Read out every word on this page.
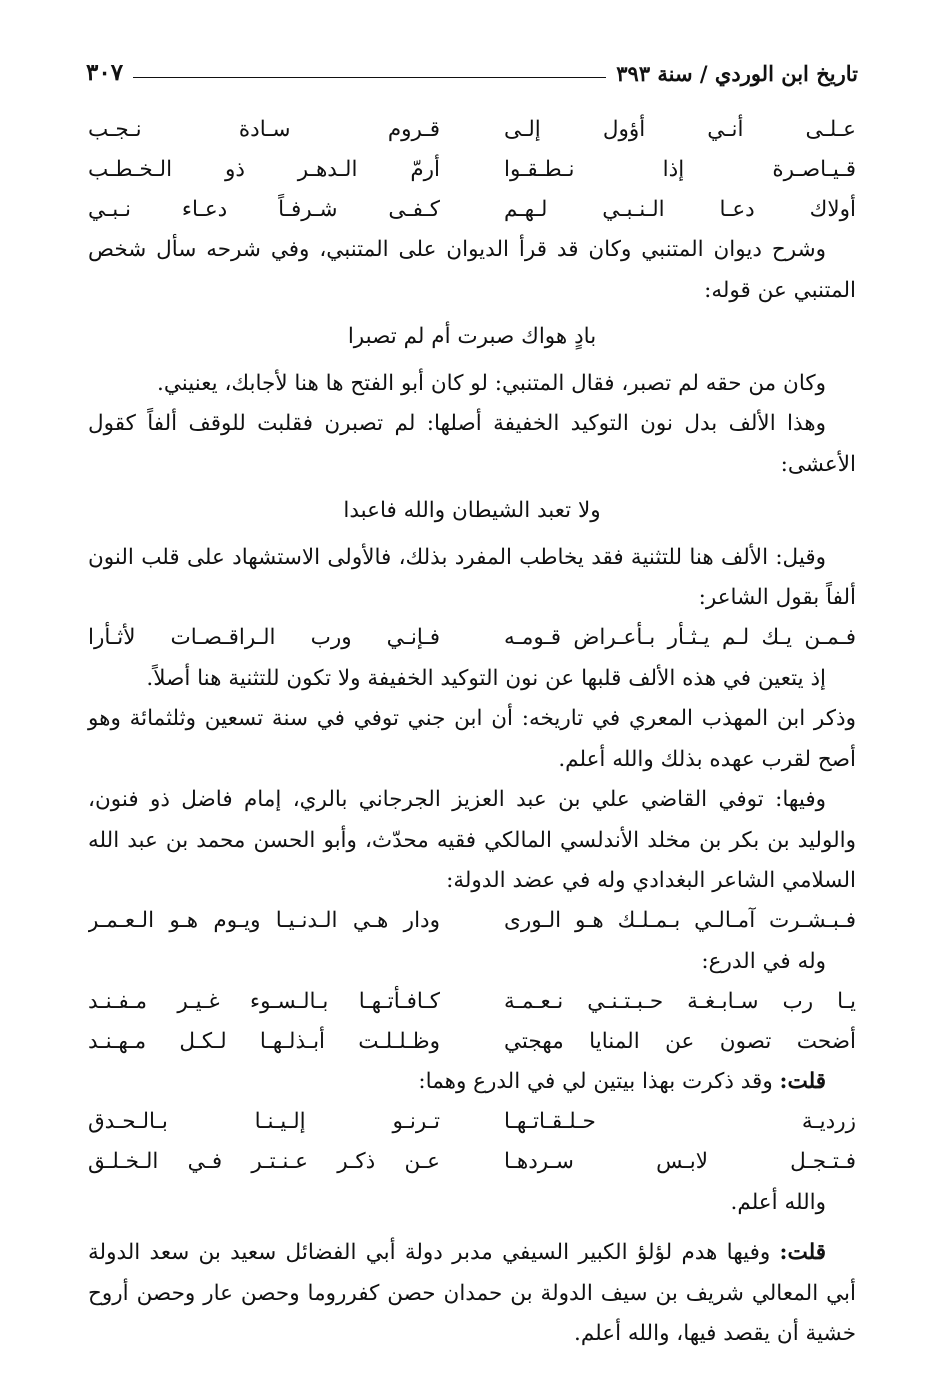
تاريخ ابن الوردي / سنة ٣٩٣
٣٠٧
عـلـى أنـي أؤول إلـى
قـروم سـادة نـجـب
قـيـاصـرة إذا نـطـقـوا
أرمّ الـدهـر ذو الـخـطـب
أولاك دعـا الـنـبـي لـهـم
كـفـى شـرفـاً دعـاء نـبـي

وشرح ديوان المتنبي وكان قد قرأ الديوان على المتنبي، وفي شرحه سأل شخص المتنبي عن قوله:

بادٍ هواك صبرت أم لم تصبرا

وكان من حقه لم تصبر، فقال المتنبي: لو كان أبو الفتح ها هنا لأجابك، يعنيني.

وهذا الألف بدل نون التوكيد الخفيفة أصلها: لم تصبرن فقلبت للوقف ألفاً كقول الأعشى:

ولا تعبد الشيطان والله فاعبدا

وقيل: الألف هنا للتثنية فقد يخاطب المفرد بذلك، فالأولى الاستشهاد على قلب النون ألفاً بقول الشاعر:

فـمـن يـك لـم يـثـأر بـأعـراض قـومـه
فـإنـي ورب الـراقـصـات لأثـأرا

إذ يتعين في هذه الألف قلبها عن نون التوكيد الخفيفة ولا تكون للتثنية هنا أصلاً.

وذكر ابن المهذب المعري في تاريخه: أن ابن جني توفي في سنة تسعين وثلثمائة وهو أصح لقرب عهده بذلك والله أعلم.

وفيها: توفي القاضي علي بن عبد العزيز الجرجاني بالري، إمام فاضل ذو فنون، والوليد بن بكر بن مخلد الأندلسي المالكي فقيه محدّث، وأبو الحسن محمد بن عبد الله السلامي الشاعر البغدادي وله في عضد الدولة:

فـبـشـرت آمـالـي بـمـلـك هـو الـورى
ودار هـي الـدنـيـا ويـوم هـو الـعـمـر

وله في الدرع:

يـا رب سـابـغـة حـبـتـنـي نـعـمـة
كـافـأتـهـا بـالـسـوء غـيـر مـفـنـد
أضحت تصون عن المنايا مهجتي
وظـلـلـت أبـذلـهـا لـكـل مـهـنـد

قلت: وقد ذكرت بهذا بيتين لي في الدرع وهما:

زرديـة حـلـقـاتـهـا
تـرنـو إلـيـنـا بـالـحـدق
فـتـجـل لابـس سـردهـا
عـن ذكـر عـنـتـر فـي الـخـلـق

والله أعلم.

قلت: وفيها هدم لؤلؤ الكبير السيفي مدبر دولة أبي الفضائل سعيد بن سعد الدولة أبي المعالي شريف بن سيف الدولة بن حمدان حصن كفرروما وحصن عار وحصن أروح خشية أن يقصد فيها، والله أعلم.
